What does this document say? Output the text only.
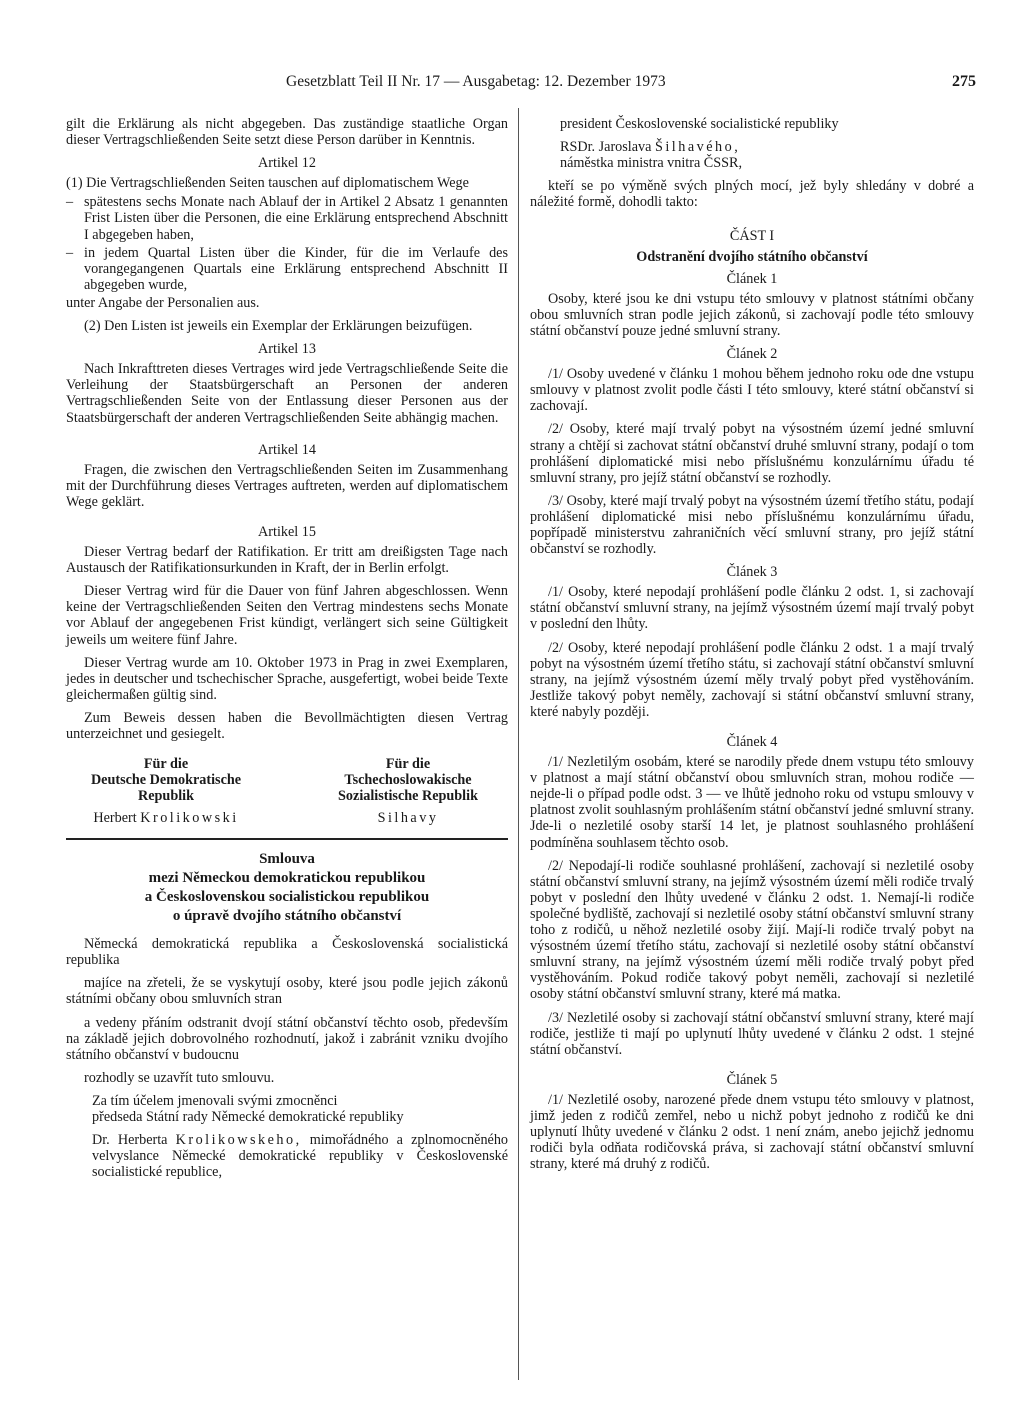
Gesetzblatt Teil II Nr. 17 — Ausgabetag: 12. Dezember 1973	275

gilt die Erklärung als nicht abgegeben. Das zuständige staatliche Organ dieser Vertragschließenden Seite setzt diese Person darüber in Kenntnis.

Artikel 12

(1) Die Vertragschließenden Seiten tauschen auf diplomatischem Wege

– spätestens sechs Monate nach Ablauf der in Artikel 2 Absatz 1 genannten Frist Listen über die Personen, die eine Erklärung entsprechend Abschnitt I abgegeben haben,
– in jedem Quartal Listen über die Kinder, für die im Verlaufe des vorangegangenen Quartals eine Erklärung entsprechend Abschnitt II abgegeben wurde,

unter Angabe der Personalien aus.

(2) Den Listen ist jeweils ein Exemplar der Erklärungen beizufügen.

Artikel 13

Nach Inkrafttreten dieses Vertrages wird jede Vertragschließende Seite die Verleihung der Staatsbürgerschaft an Personen der anderen Vertragschließenden Seite von der Entlassung dieser Personen aus der Staatsbürgerschaft der anderen Vertragschließenden Seite abhängig machen.

Artikel 14

Fragen, die zwischen den Vertragschließenden Seiten im Zusammenhang mit der Durchführung dieses Vertrages auftreten, werden auf diplomatischem Wege geklärt.

Artikel 15

Dieser Vertrag bedarf der Ratifikation. Er tritt am dreißigsten Tage nach Austausch der Ratifikationsurkunden in Kraft, der in Berlin erfolgt.

Dieser Vertrag wird für die Dauer von fünf Jahren abgeschlossen. Wenn keine der Vertragschließenden Seiten den Vertrag mindestens sechs Monate vor Ablauf der angegebenen Frist kündigt, verlängert sich seine Gültigkeit jeweils um weitere fünf Jahre.

Dieser Vertrag wurde am 10. Oktober 1973 in Prag in zwei Exemplaren, jedes in deutscher und tschechischer Sprache, ausgefertigt, wobei beide Texte gleichermaßen gültig sind.

Zum Beweis dessen haben die Bevollmächtigten diesen Vertrag unterzeichnet und gesiegelt.

Für die
Deutsche Demokratische
Republik
Herbert Krolikowski
Für die
Tschechoslowakische
Sozialistische Republik
Silhavy
Smlouva
mezi Německou demokratickou republikou
a Československou socialistickou republikou
o úpravě dvojího státního občanství

Německá demokratická republika a Československá socialistická republika

majíce na zřeteli, že se vyskytují osoby, které jsou podle jejich zákonů státními občany obou smluvních stran

a vedeny přáním odstranit dvojí státní občanství těchto osob, především na základě jejich dobrovolného rozhodnutí, jakož i zabránit vzniku dvojího státního občanství v budoucnu

rozhodly se uzavřít tuto smlouvu.

Za tím účelem jmenovali svými zmocněnci

předseda Státní rady Německé demokratické republiky

Dr. Herberta Krolikowskeho, mimořádného a zplnomocněného velvyslance Německé demokratické republiky v Československé socialistické republice,

president Československé socialistické republiky

RSDr. Jaroslava Šilhavého,

náměstka ministra vnitra ČSSR,

kteří se po výměně svých plných mocí, jež byly shledány v dobré a náležité formě, dohodli takto:

ČÁST I
Odstranění dvojího státního občanství
Článek 1

Osoby, které jsou ke dni vstupu této smlouvy v platnost státními občany obou smluvních stran podle jejich zákonů, si zachovají podle této smlouvy státní občanství pouze jedné smluvní strany.

Článek 2

/1/ Osoby uvedené v článku 1 mohou během jednoho roku ode dne vstupu smlouvy v platnost zvolit podle části I této smlouvy, které státní občanství si zachovají.

/2/ Osoby, které mají trvalý pobyt na výsostném území jedné smluvní strany a chtějí si zachovat státní občanství druhé smluvní strany, podají o tom prohlášení diplomatické misi nebo příslušnému konzulárnímu úřadu té smluvní strany, pro jejíž státní občanství se rozhodly.

/3/ Osoby, které mají trvalý pobyt na výsostném území třetího státu, podají prohlášení diplomatické misi nebo příslušnému konzulárnímu úřadu, popřípadě ministerstvu zahraničních věcí smluvní strany, pro jejíž státní občanství se rozhodly.

Článek 3

/1/ Osoby, které nepodají prohlášení podle článku 2 odst. 1, si zachovají státní občanství smluvní strany, na jejímž výsostném území mají trvalý pobyt v poslední den lhůty.

/2/ Osoby, které nepodají prohlášení podle článku 2 odst. 1 a mají trvalý pobyt na výsostném území třetího státu, si zachovají státní občanství smluvní strany, na jejímž výsostném území měly trvalý pobyt před vystěhováním. Jestliže takový pobyt neměly, zachovají si státní občanství smluvní strany, které nabyly později.

Článek 4

/1/ Nezletilým osobám, které se narodily přede dnem vstupu této smlouvy v platnost a mají státní občanství obou smluvních stran, mohou rodiče — nejde-li o případ podle odst. 3 — ve lhůtě jednoho roku od vstupu smlouvy v platnost zvolit souhlasným prohlášením státní občanství jedné smluvní strany. Jde-li o nezletilé osoby starší 14 let, je platnost souhlasného prohlášení podmíněna souhlasem těchto osob.

/2/ Nepodají-li rodiče souhlasné prohlášení, zachovají si nezletilé osoby státní občanství smluvní strany, na jejímž výsostném území měli rodiče trvalý pobyt v poslední den lhůty uvedené v článku 2 odst. 1. Nemají-li rodiče společné bydliště, zachovají si nezletilé osoby státní občanství smluvní strany toho z rodičů, u něhož nezletilé osoby žijí. Mají-li rodiče trvalý pobyt na výsostném území třetího státu, zachovají si nezletilé osoby státní občanství smluvní strany, na jejímž výsostném území měli rodiče trvalý pobyt před vystěhováním. Pokud rodiče takový pobyt neměli, zachovají si nezletilé osoby státní občanství smluvní strany, které má matka.

/3/ Nezletilé osoby si zachovají státní občanství smluvní strany, které mají rodiče, jestliže ti mají po uplynutí lhůty uvedené v článku 2 odst. 1 stejné státní občanství.

Článek 5

/1/ Nezletilé osoby, narozené přede dnem vstupu této smlouvy v platnost, jimž jeden z rodičů zemřel, nebo u nichž pobyt jednoho z rodičů ke dni uplynutí lhůty uvedené v článku 2 odst. 1 není znám, anebo jejichž jednomu rodiči byla odňata rodičovská práva, si zachovají státní občanství smluvní strany, které má druhý z rodičů.
